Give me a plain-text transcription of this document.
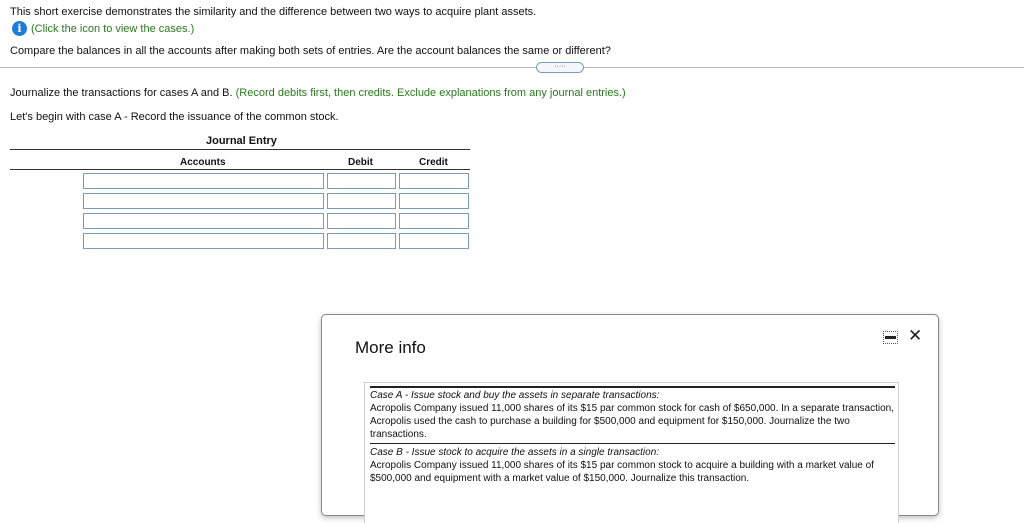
This short exercise demonstrates the similarity and the difference between two ways to acquire plant assets.
i (Click the icon to view the cases.)
Compare the balances in all the accounts after making both sets of entries. Are the account balances the same or different?
·····
Journalize the transactions for cases A and B. (Record debits first, then credits. Exclude explanations from any journal entries.)
Let's begin with case A - Record the issuance of the common stock.
Journal Entry
Accounts	Debit	Credit
More info
✕
Case A - Issue stock and buy the assets in separate transactions:
Acropolis Company issued 11,000 shares of its $15 par common stock for cash of $650,000. In a separate transaction, Acropolis used the cash to purchase a building for $500,000 and equipment for $150,000. Journalize the two transactions.
Case B - Issue stock to acquire the assets in a single transaction:
Acropolis Company issued 11,000 shares of its $15 par common stock to acquire a building with a market value of $500,000 and equipment with a market value of $150,000. Journalize this transaction.
